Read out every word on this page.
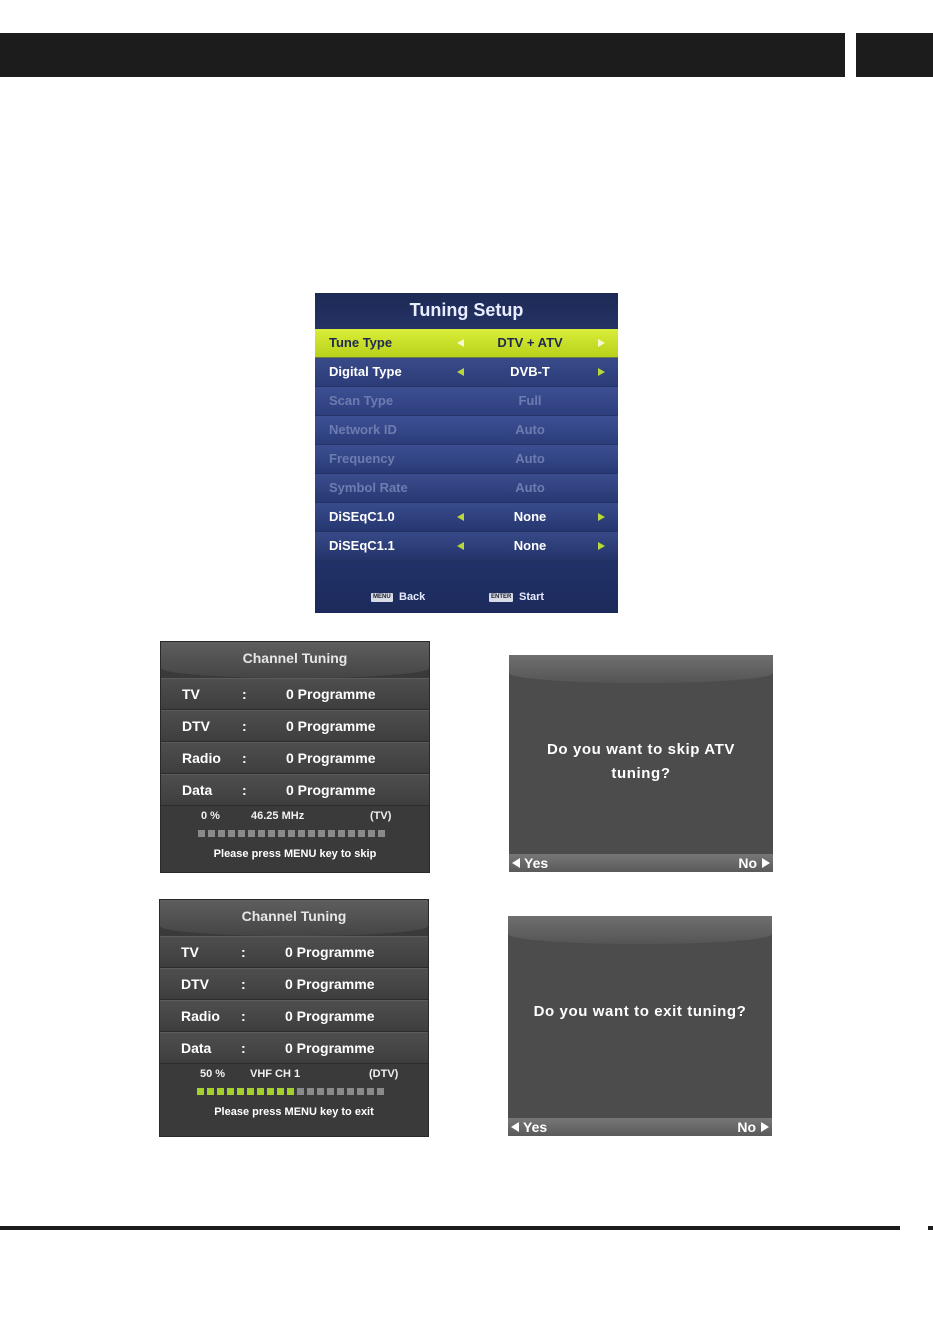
Tuning Setup
Tune Type	DTV + ATV
Digital Type	DVB-T
Scan Type	Full
Network ID	Auto
Frequency	Auto
Symbol Rate	Auto
DiSEqC1.0	None
DiSEqC1.1	None
MENU Back	ENTER Start
Channel Tuning
TV	:	0 Programme
DTV :	0 Programme
Radio :	0 Programme
Data :	0 Programme
0 %	46.25 MHz	(TV)
Please press MENU key to skip
Channel Tuning
TV	:	0 Programme
DTV :	0 Programme
Radio :	0 Programme
Data :	0 Programme
50 % VHF CH 1	(DTV)
Please press MENU key to exit
Do you want to skip ATV
tuning?
Yes	No
Do you want to exit tuning?
Yes	No
